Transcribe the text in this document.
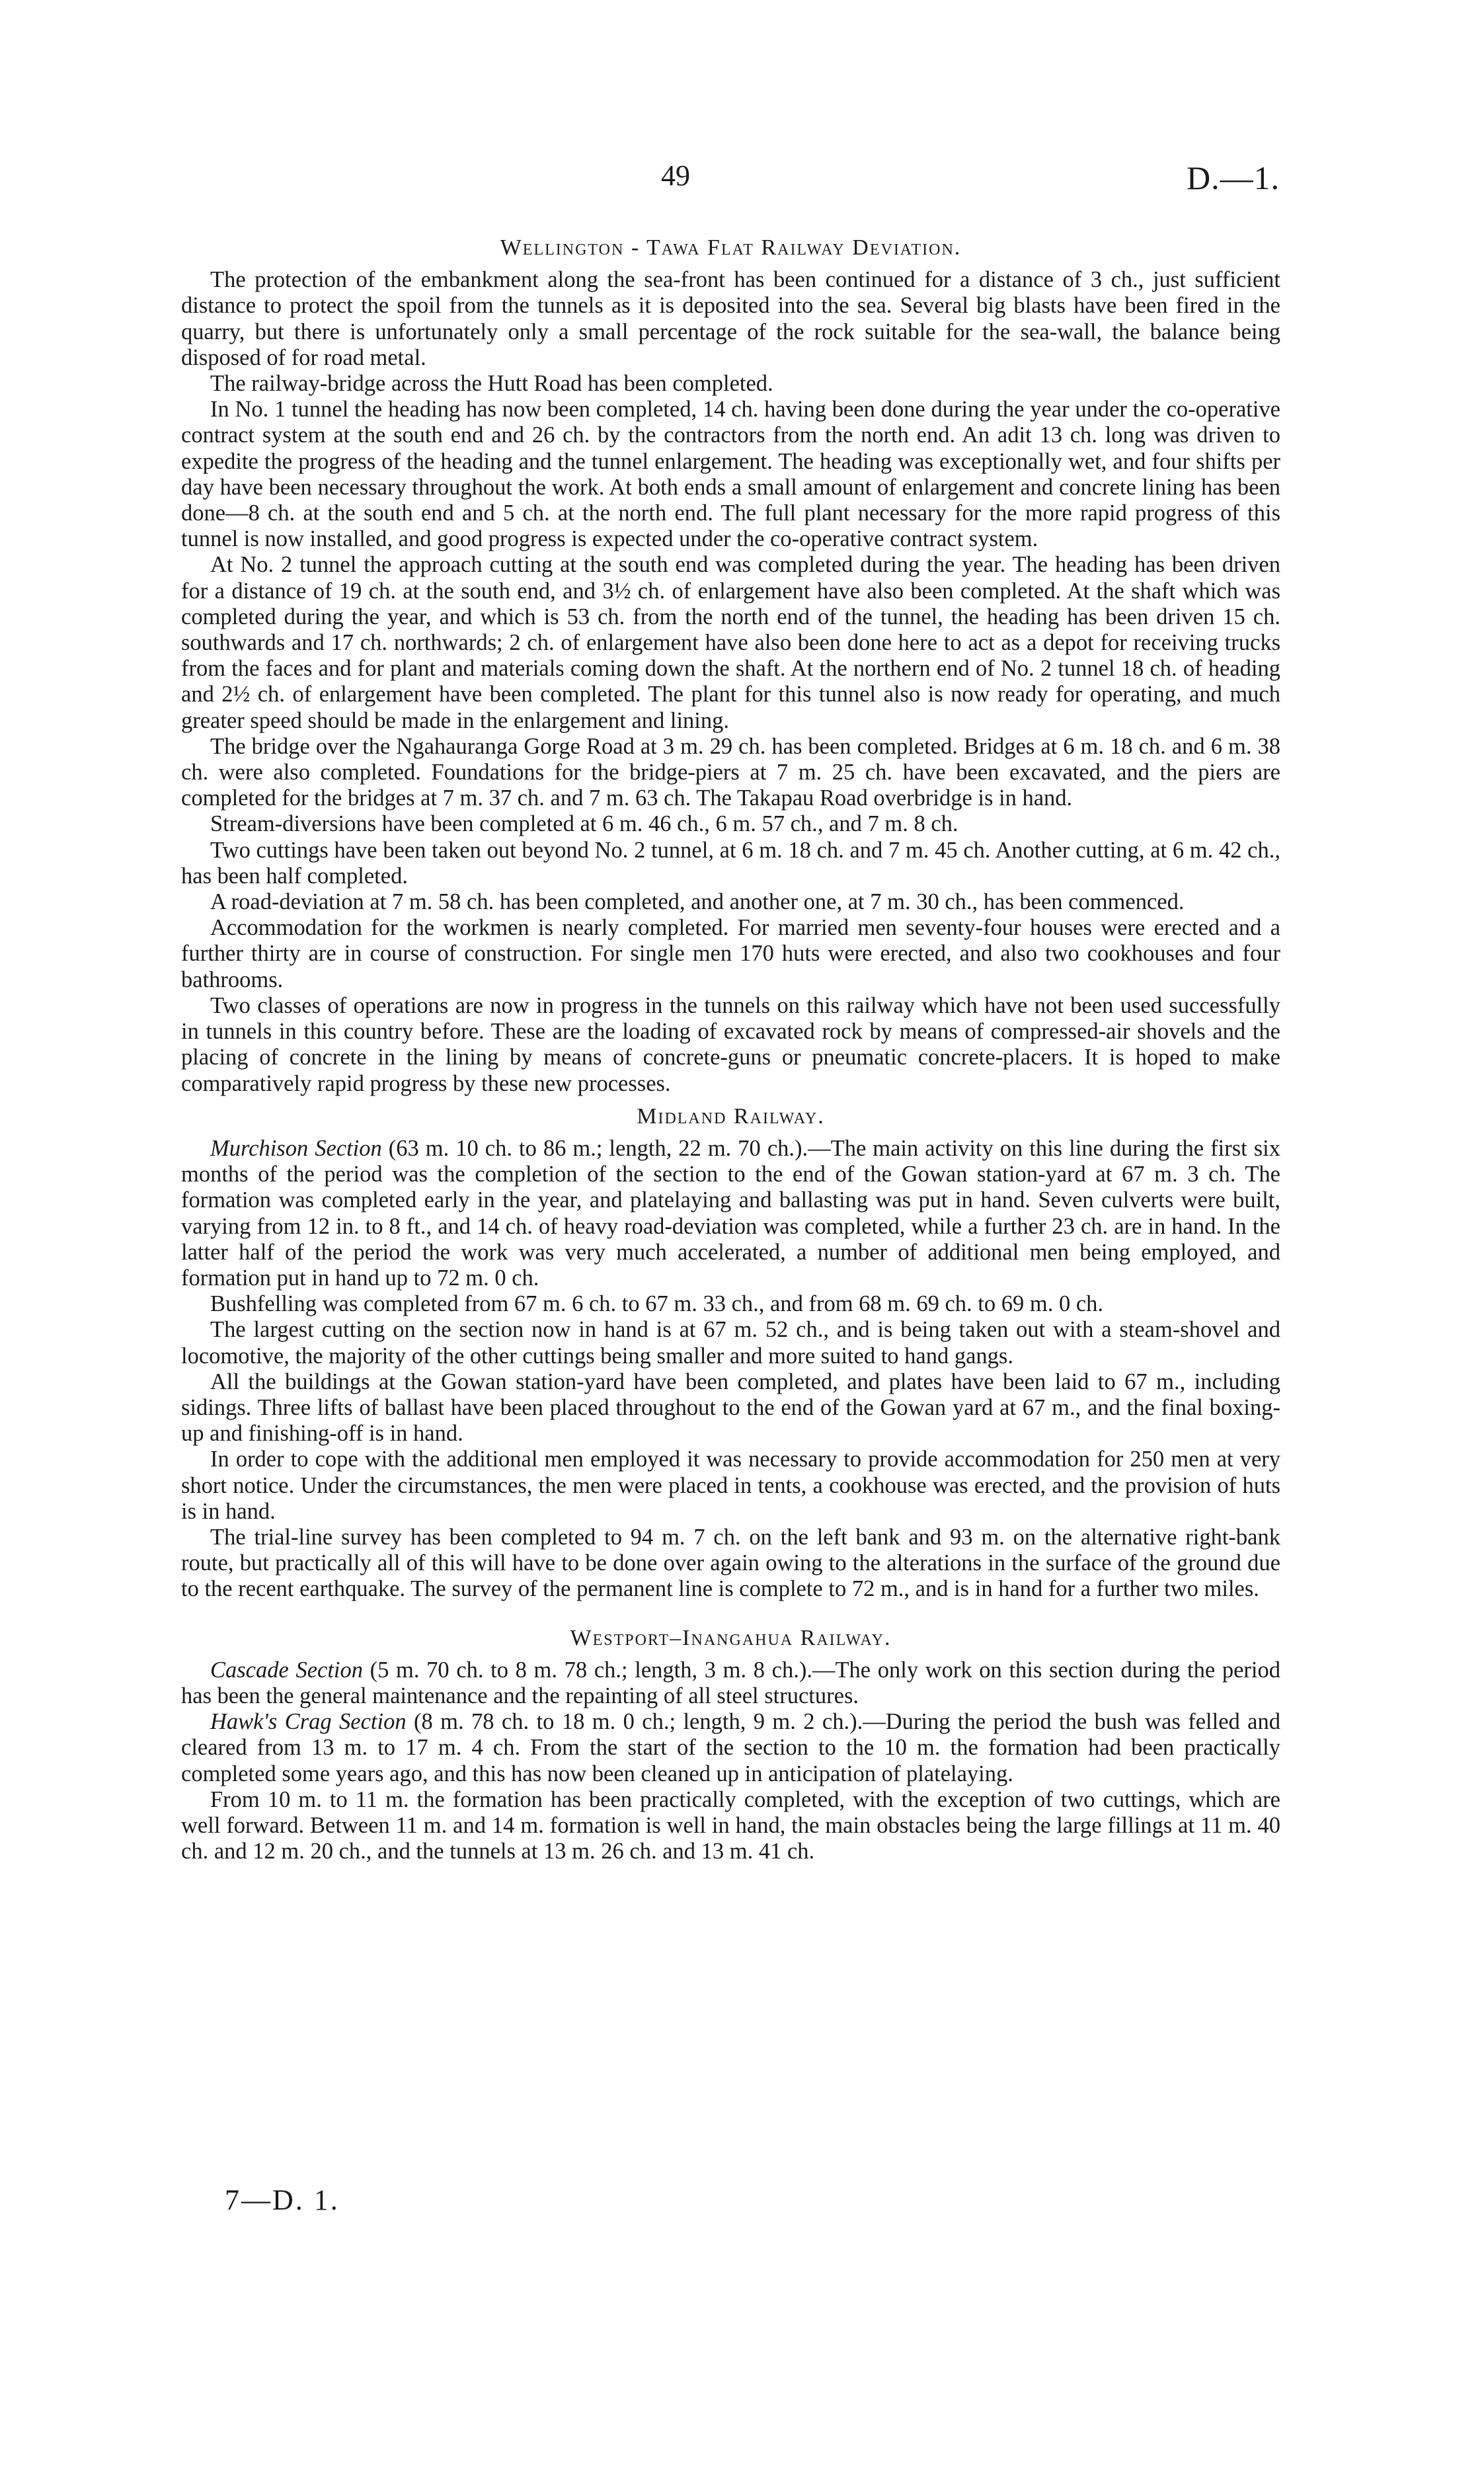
49	D.—1.
Wellington - Tawa Flat Railway Deviation.

The protection of the embankment along the sea-front has been continued for a distance of 3 ch., just sufficient distance to protect the spoil from the tunnels as it is deposited into the sea. Several big blasts have been fired in the quarry, but there is unfortunately only a small percentage of the rock suitable for the sea-wall, the balance being disposed of for road metal.

The railway-bridge across the Hutt Road has been completed.

In No. 1 tunnel the heading has now been completed, 14 ch. having been done during the year under the co-operative contract system at the south end and 26 ch. by the contractors from the north end. An adit 13 ch. long was driven to expedite the progress of the heading and the tunnel enlargement. The heading was exceptionally wet, and four shifts per day have been necessary throughout the work. At both ends a small amount of enlargement and concrete lining has been done—8 ch. at the south end and 5 ch. at the north end. The full plant necessary for the more rapid progress of this tunnel is now installed, and good progress is expected under the co-operative contract system.

At No. 2 tunnel the approach cutting at the south end was completed during the year. The heading has been driven for a distance of 19 ch. at the south end, and 3½ ch. of enlargement have also been completed. At the shaft which was completed during the year, and which is 53 ch. from the north end of the tunnel, the heading has been driven 15 ch. southwards and 17 ch. northwards; 2 ch. of enlargement have also been done here to act as a depot for receiving trucks from the faces and for plant and materials coming down the shaft. At the northern end of No. 2 tunnel 18 ch. of heading and 2½ ch. of enlargement have been completed. The plant for this tunnel also is now ready for operating, and much greater speed should be made in the enlargement and lining.

The bridge over the Ngahauranga Gorge Road at 3 m. 29 ch. has been completed. Bridges at 6 m. 18 ch. and 6 m. 38 ch. were also completed. Foundations for the bridge-piers at 7 m. 25 ch. have been excavated, and the piers are completed for the bridges at 7 m. 37 ch. and 7 m. 63 ch. The Takapau Road overbridge is in hand.

Stream-diversions have been completed at 6 m. 46 ch., 6 m. 57 ch., and 7 m. 8 ch.

Two cuttings have been taken out beyond No. 2 tunnel, at 6 m. 18 ch. and 7 m. 45 ch. Another cutting, at 6 m. 42 ch., has been half completed.

A road-deviation at 7 m. 58 ch. has been completed, and another one, at 7 m. 30 ch., has been commenced.

Accommodation for the workmen is nearly completed. For married men seventy-four houses were erected and a further thirty are in course of construction. For single men 170 huts were erected, and also two cookhouses and four bathrooms.

Two classes of operations are now in progress in the tunnels on this railway which have not been used successfully in tunnels in this country before. These are the loading of excavated rock by means of compressed-air shovels and the placing of concrete in the lining by means of concrete-guns or pneumatic concrete-placers. It is hoped to make comparatively rapid progress by these new processes.

Midland Railway.

Murchison Section (63 m. 10 ch. to 86 m.; length, 22 m. 70 ch.).—The main activity on this line during the first six months of the period was the completion of the section to the end of the Gowan station-yard at 67 m. 3 ch. The formation was completed early in the year, and platelaying and ballasting was put in hand. Seven culverts were built, varying from 12 in. to 8 ft., and 14 ch. of heavy road-deviation was completed, while a further 23 ch. are in hand. In the latter half of the period the work was very much accelerated, a number of additional men being employed, and formation put in hand up to 72 m. 0 ch.

Bushfelling was completed from 67 m. 6 ch. to 67 m. 33 ch., and from 68 m. 69 ch. to 69 m. 0 ch.

The largest cutting on the section now in hand is at 67 m. 52 ch., and is being taken out with a steam-shovel and locomotive, the majority of the other cuttings being smaller and more suited to hand gangs.

All the buildings at the Gowan station-yard have been completed, and plates have been laid to 67 m., including sidings. Three lifts of ballast have been placed throughout to the end of the Gowan yard at 67 m., and the final boxing-up and finishing-off is in hand.

In order to cope with the additional men employed it was necessary to provide accommodation for 250 men at very short notice. Under the circumstances, the men were placed in tents, a cookhouse was erected, and the provision of huts is in hand.

The trial-line survey has been completed to 94 m. 7 ch. on the left bank and 93 m. on the alternative right-bank route, but practically all of this will have to be done over again owing to the alterations in the surface of the ground due to the recent earthquake. The survey of the permanent line is complete to 72 m., and is in hand for a further two miles.

Westport–Inangahua Railway.

Cascade Section (5 m. 70 ch. to 8 m. 78 ch.; length, 3 m. 8 ch.).—The only work on this section during the period has been the general maintenance and the repainting of all steel structures.

Hawk's Crag Section (8 m. 78 ch. to 18 m. 0 ch.; length, 9 m. 2 ch.).—During the period the bush was felled and cleared from 13 m. to 17 m. 4 ch. From the start of the section to the 10 m. the formation had been practically completed some years ago, and this has now been cleaned up in anticipation of platelaying.

From 10 m. to 11 m. the formation has been practically completed, with the exception of two cuttings, which are well forward. Between 11 m. and 14 m. formation is well in hand, the main obstacles being the large fillings at 11 m. 40 ch. and 12 m. 20 ch., and the tunnels at 13 m. 26 ch. and 13 m. 41 ch.

7—D. 1.
